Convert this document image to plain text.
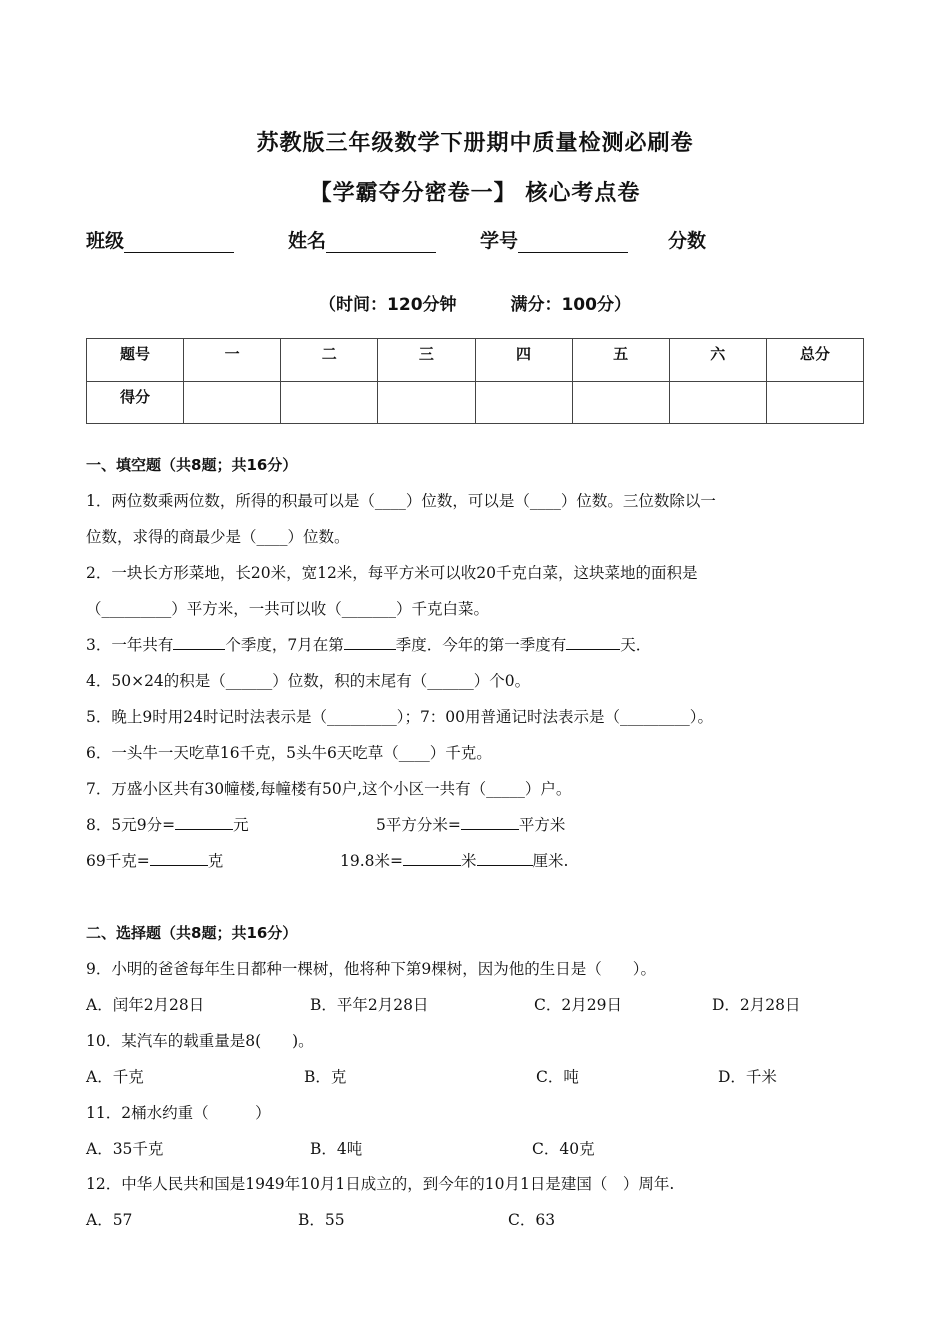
苏教版三年级数学下册期中质量检测必刷卷
【学霸夺分密卷一】 核心考点卷
班级	姓名	学号	分数
（时间：120分钟	满分：100分）
题号	一	二	三	四	五	六	总分
得分							
一、填空题（共8题；共16分）
1．两位数乘两位数，所得的积最可以是（____）位数，可以是（____）位数。三位数除以一
位数，求得的商最少是（____）位数。
2．一块长方形菜地，长20米，宽12米，每平方米可以收20千克白菜，这块菜地的面积是
（_________）平方米，一共可以收（_______）千克白菜。
3．一年共有	个季度，7月在第	季度．今年的第一季度有	天．
4．50×24的积是（______）位数，积的末尾有（______）个0。
5．晚上9时用24时记时法表示是（_________）；7：00用普通记时法表示是（_________）。
6．一头牛一天吃草16千克，5头牛6天吃草（____）千克。
7．万盛小区共有30幢楼,每幢楼有50户,这个小区一共有（_____）户。
8．5元9分=	元	5平方分米=	平方米
69千克=	克	19.8米=	米	厘米.
二、选择题（共8题；共16分）
9．小明的爸爸每年生日都种一棵树，他将种下第9棵树，因为他的生日是（　　）。
A．闰年2月28日	B．平年2月28日	C．2月29日	D．2月28日
10．某汽车的载重量是8(　　)。
A．千克	B．克	C．吨	D．千米
11．2桶水约重（　　　）
A．35千克	B．4吨	C．40克
12．中华人民共和国是1949年10月1日成立的，到今年的10月1日是建国（　）周年.
A．57	B．55	C．63
